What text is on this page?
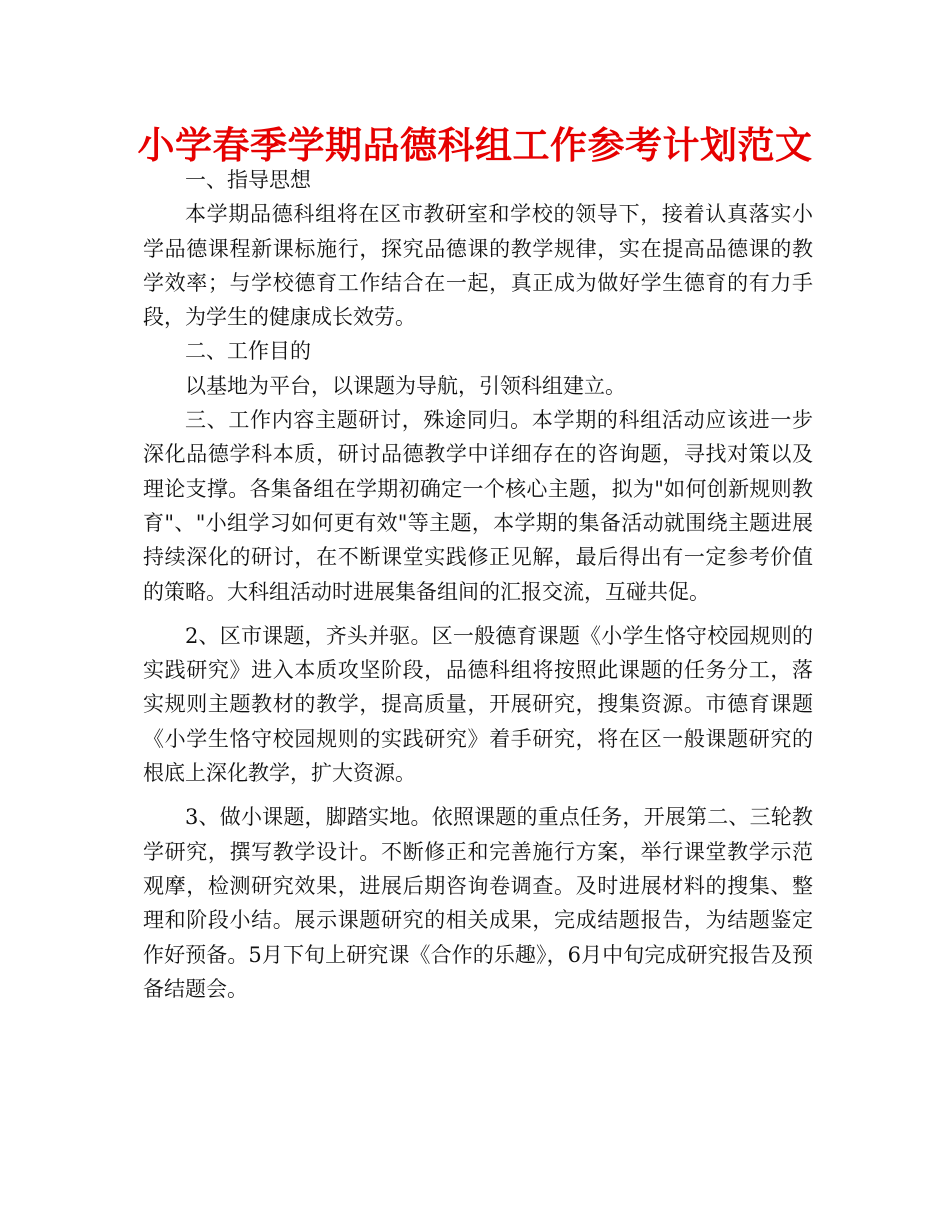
小学春季学期品德科组工作参考计划范文

一、指导思想

本学期品德科组将在区市教研室和学校的领导下，接着认真落实小学品德课程新课标施行，探究品德课的教学规律，实在提高品德课的教学效率；与学校德育工作结合在一起，真正成为做好学生德育的有力手段，为学生的健康成长效劳。

二、工作目的

以基地为平台，以课题为导航，引领科组建立。

三、工作内容主题研讨，殊途同归。本学期的科组活动应该进一步深化品德学科本质，研讨品德教学中详细存在的咨询题，寻找对策以及理论支撑。各集备组在学期初确定一个核心主题，拟为"如何创新规则教育"、"小组学习如何更有效"等主题，本学期的集备活动就围绕主题进展持续深化的研讨，在不断课堂实践修正见解，最后得出有一定参考价值的策略。大科组活动时进展集备组间的汇报交流，互碰共促。

2、区市课题，齐头并驱。区一般德育课题《小学生恪守校园规则的实践研究》进入本质攻坚阶段，品德科组将按照此课题的任务分工，落实规则主题教材的教学，提高质量，开展研究，搜集资源。市德育课题《小学生恪守校园规则的实践研究》着手研究，将在区一般课题研究的根底上深化教学，扩大资源。

3、做小课题，脚踏实地。依照课题的重点任务，开展第二、三轮教学研究，撰写教学设计。不断修正和完善施行方案，举行课堂教学示范观摩，检测研究效果，进展后期咨询卷调查。及时进展材料的搜集、整理和阶段小结。展示课题研究的相关成果，完成结题报告，为结题鉴定作好预备。5月下旬上研究课《合作的乐趣》，6月中旬完成研究报告及预备结题会。
